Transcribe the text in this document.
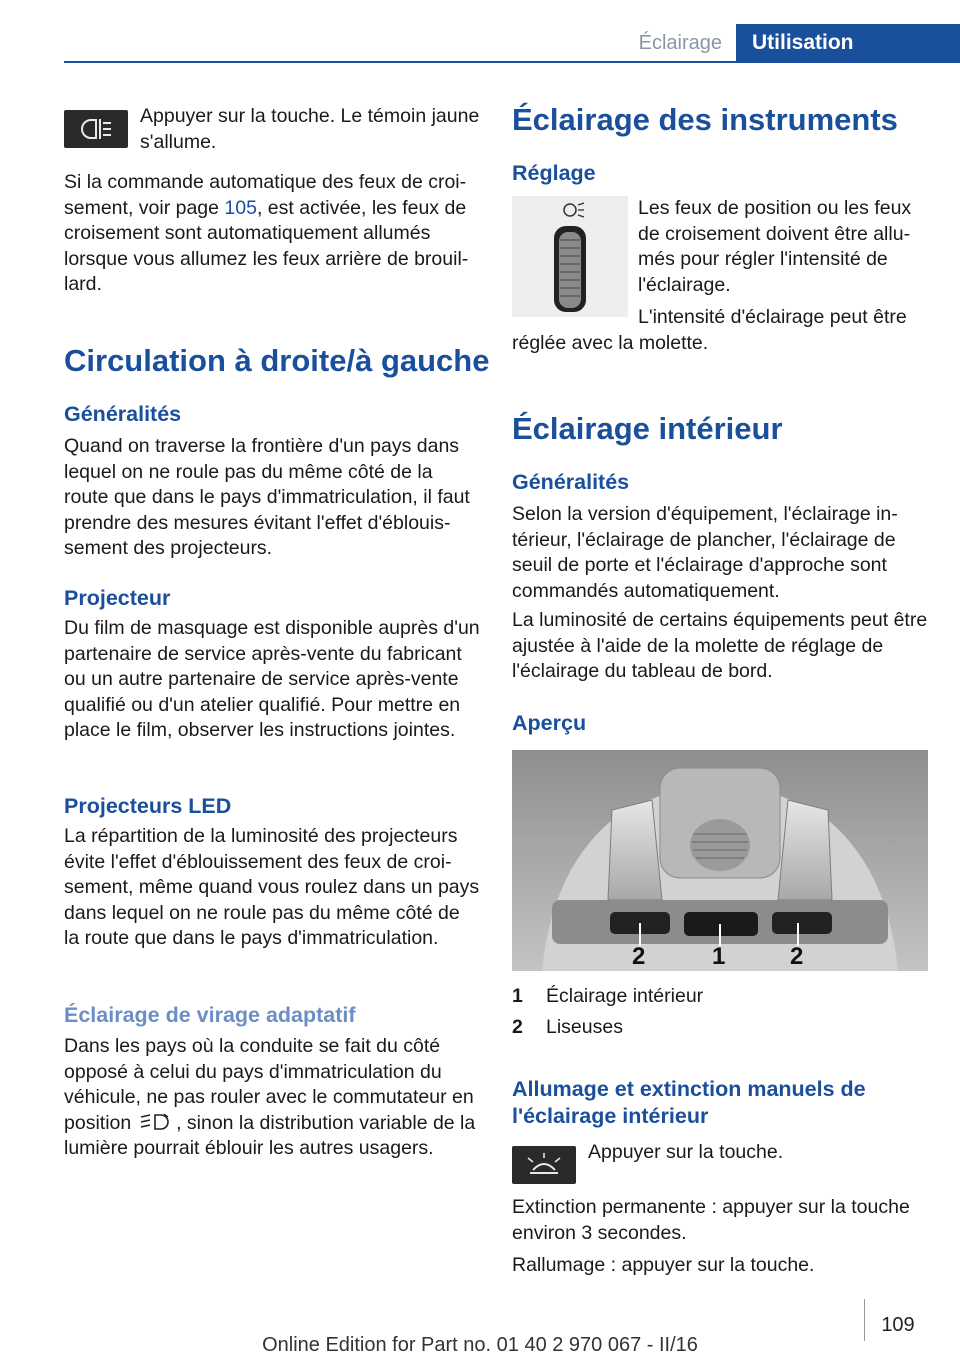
Éclairage	Utilisation

Appuyer sur la touche. Le témoin jaune s'allume.

Si la commande automatique des feux de croisement, voir page 105, est activée, les feux de croisement sont automatiquement allumés lorsque vous allumez les feux arrière de brouillard.

Circulation à droite/à gauche
Généralités

Quand on traverse la frontière d'un pays dans lequel on ne roule pas du même côté de la route que dans le pays d'immatriculation, il faut prendre des mesures évitant l'effet d'éblouissement des projecteurs.

Projecteur

Du film de masquage est disponible auprès d'un partenaire de service après-vente du fabricant ou un autre partenaire de service après-vente qualifié ou d'un atelier qualifié. Pour mettre en place le film, observer les instructions jointes.

Projecteurs LED

La répartition de la luminosité des projecteurs évite l'effet d'éblouissement des feux de croisement, même quand vous roulez dans un pays dans lequel on ne roule pas du même côté de la route que dans le pays d'immatriculation.

Éclairage de virage adaptatif

Dans les pays où la conduite se fait du côté opposé à celui du pays d'immatriculation du véhicule, ne pas rouler avec le commutateur en position , sinon la distribution variable de la lumière pourrait éblouir les autres usagers.

Éclairage des instruments
Réglage

Les feux de position ou les feux de croisement doivent être allumés pour régler l'intensité de l'éclairage.

L'intensité d'éclairage peut être réglée avec la molette.

Éclairage intérieur
Généralités

Selon la version d'équipement, l'éclairage intérieur, l'éclairage de plancher, l'éclairage de seuil de porte et l'éclairage d'approche sont commandés automatiquement.

La luminosité de certains équipements peut être ajustée à l'aide de la molette de réglage de l'éclairage du tableau de bord.

Aperçu
2	1	2
1 Éclairage intérieur
2 Liseuses
Allumage et extinction manuels de l'éclairage intérieur

Appuyer sur la touche.

Extinction permanente : appuyer sur la touche environ 3 secondes.

Rallumage : appuyer sur la touche.

109
Online Edition for Part no. 01 40 2 970 067 - II/16
